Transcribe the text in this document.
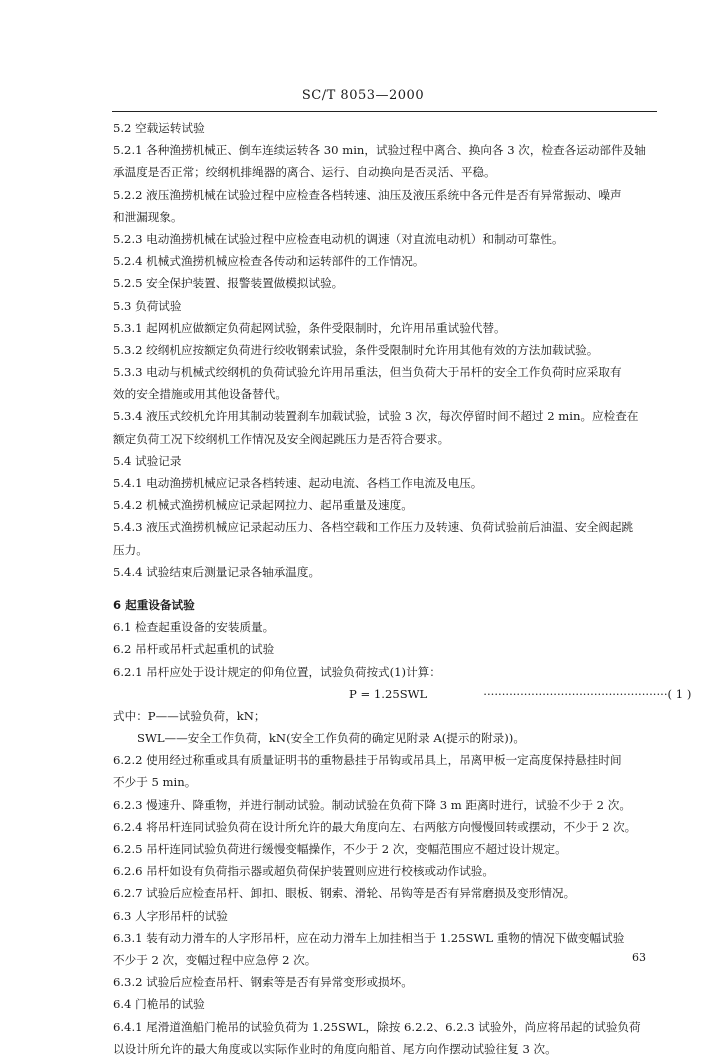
SC/T 8053—2000
5.2 空载运转试验
5.2.1 各种渔捞机械正、倒车连续运转各 30 min，试验过程中离合、换向各 3 次，检查各运动部件及轴
承温度是否正常；绞纲机排绳器的离合、运行、自动换向是否灵活、平稳。
5.2.2 液压渔捞机械在试验过程中应检查各档转速、油压及液压系统中各元件是否有异常振动、噪声
和泄漏现象。
5.2.3 电动渔捞机械在试验过程中应检查电动机的调速（对直流电动机）和制动可靠性。
5.2.4 机械式渔捞机械应检查各传动和运转部件的工作情况。
5.2.5 安全保护装置、报警装置做模拟试验。
5.3 负荷试验
5.3.1 起网机应做额定负荷起网试验，条件受限制时，允许用吊重试验代替。
5.3.2 绞纲机应按额定负荷进行绞收钢索试验，条件受限制时允许用其他有效的方法加载试验。
5.3.3 电动与机械式绞纲机的负荷试验允许用吊重法，但当负荷大于吊杆的安全工作负荷时应采取有
效的安全措施或用其他设备替代。
5.3.4 液压式绞机允许用其制动装置刹车加载试验，试验 3 次，每次停留时间不超过 2 min。应检查在
额定负荷工况下绞纲机工作情况及安全阀起跳压力是否符合要求。
5.4 试验记录
5.4.1 电动渔捞机械应记录各档转速、起动电流、各档工作电流及电压。
5.4.2 机械式渔捞机械应记录起网拉力、起吊重量及速度。
5.4.3 液压式渔捞机械应记录起动压力、各档空载和工作压力及转速、负荷试验前后油温、安全阀起跳
压力。
5.4.4 试验结束后测量记录各轴承温度。
6 起重设备试验
6.1 检查起重设备的安装质量。
6.2 吊杆或吊杆式起重机的试验
6.2.1 吊杆应处于设计规定的仰角位置，试验负荷按式(1)计算：
P = 1.25SWL	··················································( 1 )
式中：P——试验负荷，kN；
SWL——安全工作负荷，kN(安全工作负荷的确定见附录 A(提示的附录))。
6.2.2 使用经过称重或具有质量证明书的重物悬挂于吊钩或吊具上，吊离甲板一定高度保持悬挂时间
不少于 5 min。
6.2.3 慢速升、降重物，并进行制动试验。制动试验在负荷下降 3 m 距离时进行，试验不少于 2 次。
6.2.4 将吊杆连同试验负荷在设计所允许的最大角度向左、右两舷方向慢慢回转或摆动，不少于 2 次。
6.2.5 吊杆连同试验负荷进行缓慢变幅操作，不少于 2 次，变幅范围应不超过设计规定。
6.2.6 吊杆如设有负荷指示器或超负荷保护装置则应进行校核或动作试验。
6.2.7 试验后应检查吊杆、卸扣、眼板、钢索、滑轮、吊钩等是否有异常磨损及变形情况。
6.3 人字形吊杆的试验
6.3.1 装有动力滑车的人字形吊杆，应在动力滑车上加挂相当于 1.25SWL 重物的情况下做变幅试验
不少于 2 次，变幅过程中应急停 2 次。
6.3.2 试验后应检查吊杆、钢索等是否有异常变形或损坏。
6.4 门桅吊的试验
6.4.1 尾滑道渔船门桅吊的试验负荷为 1.25SWL，除按 6.2.2、6.2.3 试验外，尚应将吊起的试验负荷
以设计所允许的最大角度或以实际作业时的角度向船首、尾方向作摆动试验往复 3 次。
63
